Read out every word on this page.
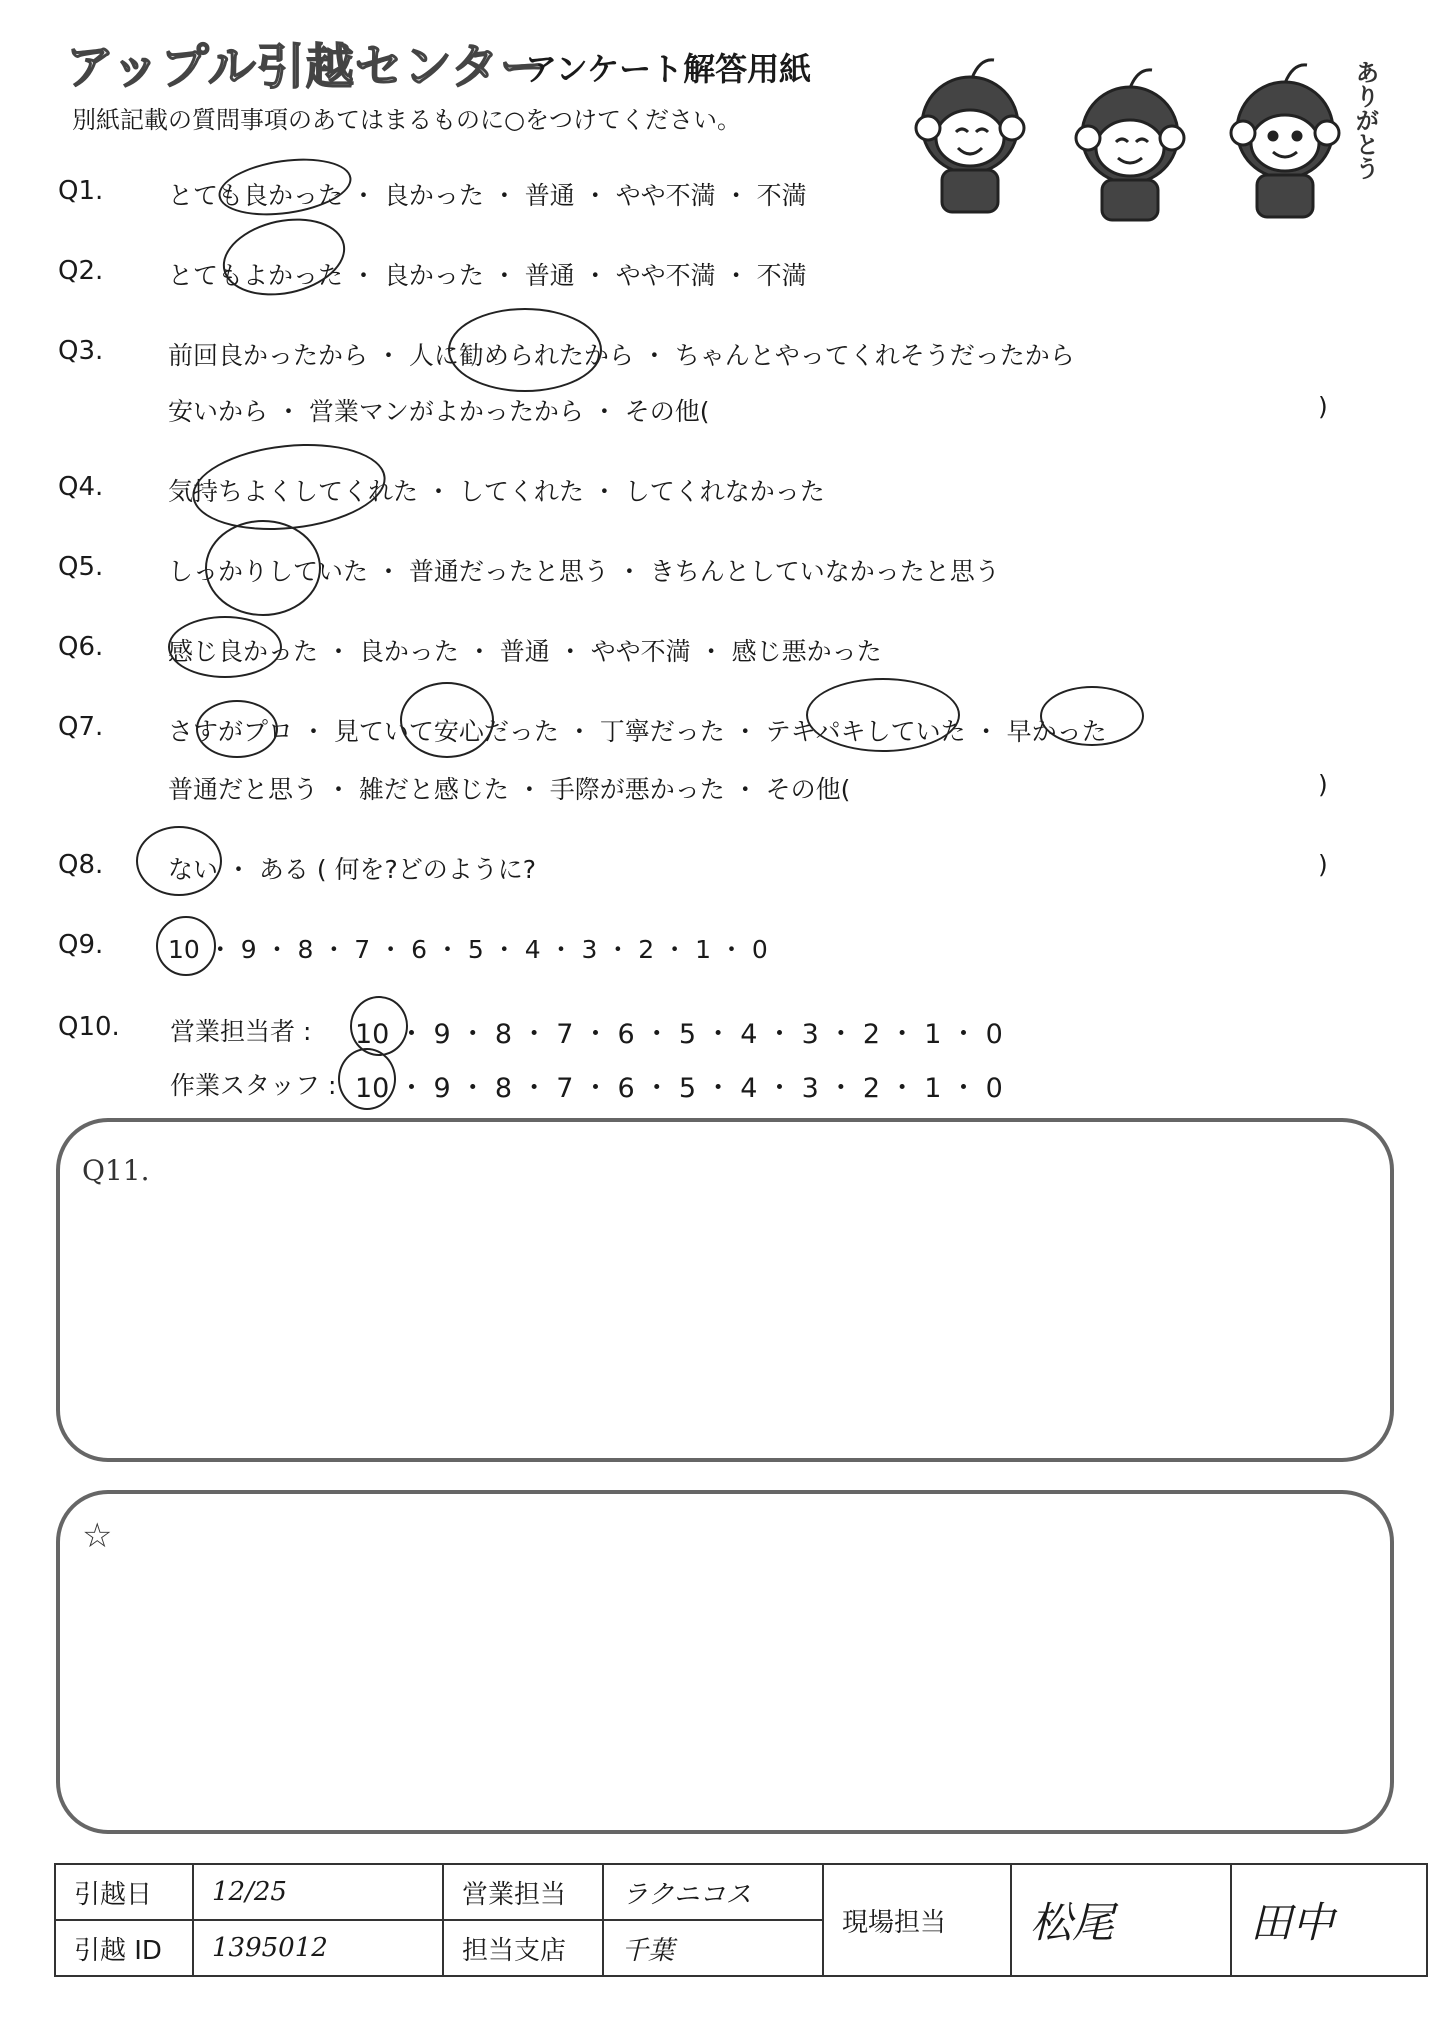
アップル引越センター
アンケート解答用紙
別紙記載の質問事項のあてはまるものに○をつけてください。	ありがとう
Q1.	とても良かった ・ 良かった ・ 普通 ・ やや不満 ・ 不満
Q2.	とてもよかった ・ 良かった ・ 普通 ・ やや不満 ・ 不満
Q3.	前回良かったから ・ 人に勧められたから ・ ちゃんとやってくれそうだったから
安いから ・ 営業マンがよかったから ・ その他(	)
Q4.	気持ちよくしてくれた ・ してくれた ・ してくれなかった
Q5.	しっかりしていた ・ 普通だったと思う ・ きちんとしていなかったと思う
Q6.	感じ良かった ・ 良かった ・ 普通 ・ やや不満 ・ 感じ悪かった
Q7.	さすがプロ ・ 見ていて安心だった ・ 丁寧だった ・ テキパキしていた ・ 早かった
普通だと思う ・ 雑だと感じた ・ 手際が悪かった ・ その他(	)
Q8.	ない ・ ある ( 何を?どのように?	)
Q9.	10 ・ 9 ・ 8 ・ 7 ・ 6 ・ 5 ・ 4 ・ 3 ・ 2 ・ 1 ・ 0
Q10. 営業担当者 : 10 ・ 9 ・ 8 ・ 7 ・ 6 ・ 5 ・ 4 ・ 3 ・ 2 ・ 1 ・ 0
作業スタッフ : 10 ・ 9 ・ 8 ・ 7 ・ 6 ・ 5 ・ 4 ・ 3 ・ 2 ・ 1 ・ 0
Q11.
☆
引越日	12/25	営業担当	ラクニコス	現場担当	松尾	田中
引越 ID	1395012	担当支店	千葉			
